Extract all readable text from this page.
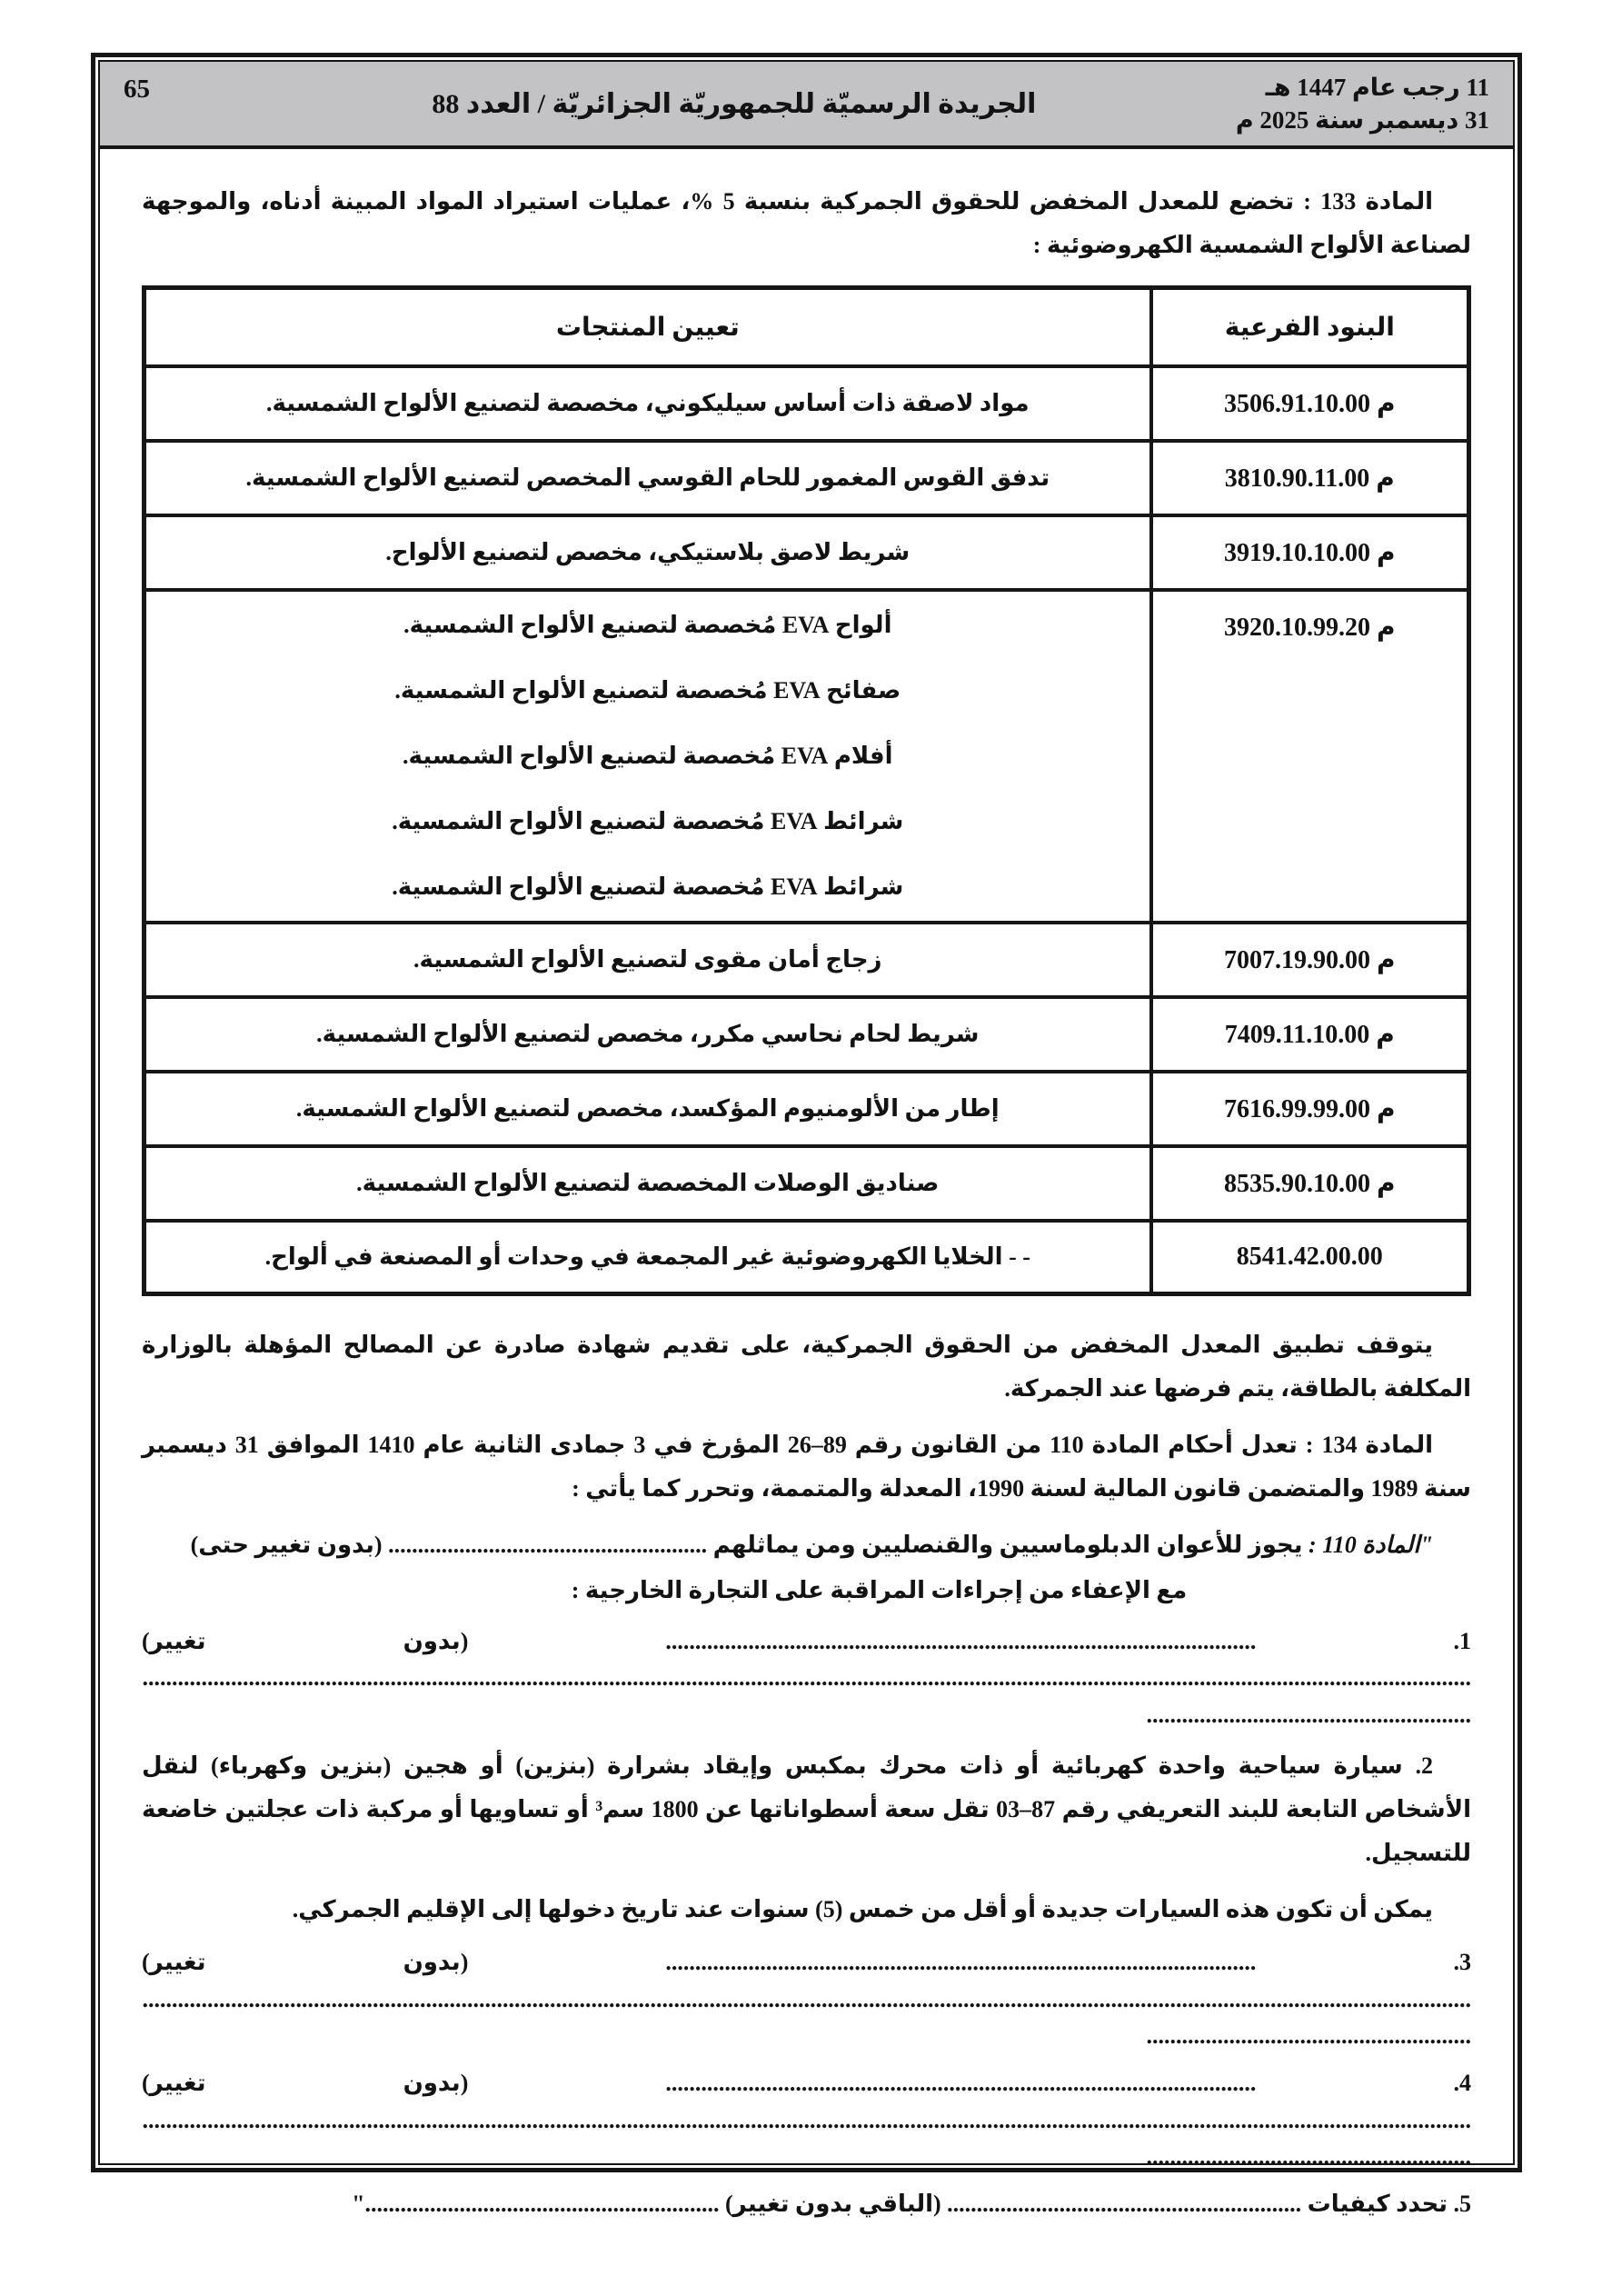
11 رجب عام 1447 هـ
31 ديسمبر سنة 2025 م
الجريدة الرسميّة للجمهوريّة الجزائريّة / العدد 88
65

المادة 133 : تخضع للمعدل المخفض للحقوق الجمركية بنسبة 5 %، عمليات استيراد المواد المبينة أدناه، والموجهة لصناعة الألواح الشمسية الكهروضوئية :

البنود الفرعية	تعيين المنتجات
م 3506.91.10.00	مواد لاصقة ذات أساس سيليكوني، مخصصة لتصنيع الألواح الشمسية.

م 3810.90.11.00	تدفق القوس المغمور للحام القوسي المخصص لتصنيع الألواح الشمسية.

م 3919.10.10.00	شريط لاصق بلاستيكي، مخصص لتصنيع الألواح.

م 3920.10.99.20	ألواح EVA مُخصصة لتصنيع الألواح الشمسية.
صفائح EVA مُخصصة لتصنيع الألواح الشمسية.
أفلام EVA مُخصصة لتصنيع الألواح الشمسية.
شرائط EVA مُخصصة لتصنيع الألواح الشمسية.
شرائط EVA مُخصصة لتصنيع الألواح الشمسية.

م 7007.19.90.00	زجاج أمان مقوى لتصنيع الألواح الشمسية.

م 7409.11.10.00	شريط لحام نحاسي مكرر، مخصص لتصنيع الألواح الشمسية.

م 7616.99.99.00	إطار من الألومنيوم المؤكسد، مخصص لتصنيع الألواح الشمسية.

م 8535.90.10.00	صناديق الوصلات المخصصة لتصنيع الألواح الشمسية.

8541.42.00.00	- - الخلايا الكهروضوئية غير المجمعة في وحدات أو المصنعة في ألواح.

يتوقف تطبيق المعدل المخفض من الحقوق الجمركية، على تقديم شهادة صادرة عن المصالح المؤهلة بالوزارة المكلفة بالطاقة، يتم فرضها عند الجمركة.

المادة 134 : تعدل أحكام المادة 110 من القانون رقم 89–26 المؤرخ في 3 جمادى الثانية عام 1410 الموافق 31 ديسمبر سنة 1989 والمتضمن قانون المالية لسنة 1990، المعدلة والمتممة، وتحرر كما يأتي :

"المادة 110 : يجوز للأعوان الدبلوماسيين والقنصليين ومن يماثلهم ...................................................... (بدون تغيير حتى)

مع الإعفاء من إجراءات المراقبة على التجارة الخارجية :

1. .................................................................................................... (بدون تغيير) ........................................................................................................................................................................................................................................................................................

2. سيارة سياحية واحدة كهربائية أو ذات محرك بمكبس وإيقاد بشرارة (بنزين) أو هجين (بنزين وكهرباء) لنقل الأشخاص التابعة للبند التعريفي رقم 87–03 تقل سعة أسطواناتها عن 1800 سم³ أو تساويها أو مركبة ذات عجلتين خاضعة للتسجيل.

يمكن أن تكون هذه السيارات جديدة أو أقل من خمس (5) سنوات عند تاريخ دخولها إلى الإقليم الجمركي.

3. .................................................................................................... (بدون تغيير) ........................................................................................................................................................................................................................................................................................

4. .................................................................................................... (بدون تغيير) ........................................................................................................................................................................................................................................................................................

5. تحدد كيفيات ............................................................ (الباقي بدون تغيير) ............................................................"
